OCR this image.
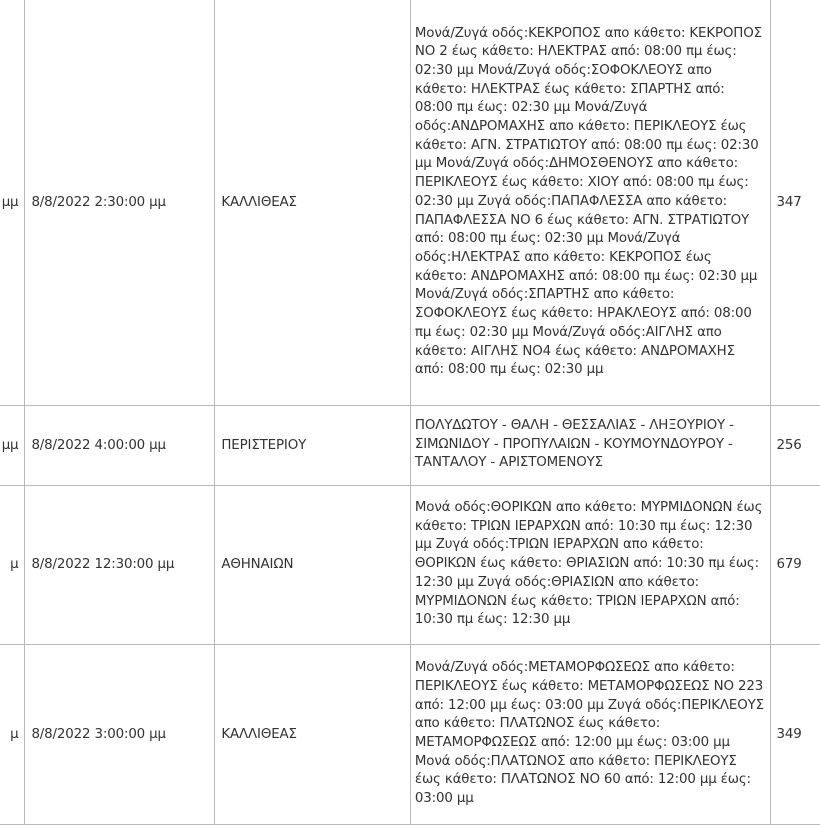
μμ	8/8/2022 2:30:00 μμ	ΚΑΛΛΙΘΕΑΣ	Μονά/Ζυγά οδός:ΚΕΚΡΟΠΟΣ απο κάθετο: ΚΕΚΡΟΠΟΣ ΝΟ 2 έως κάθετο: ΗΛΕΚΤΡΑΣ από: 08:00 πμ έως: 02:30 μμ Μονά/Ζυγά οδός:ΣΟΦΟΚΛΕΟΥΣ απο κάθετο: ΗΛΕΚΤΡΑΣ έως κάθετο: ΣΠΑΡΤΗΣ από: 08:00 πμ έως: 02:30 μμ Μονά/Ζυγά οδός:ΑΝΔΡΟΜΑΧΗΣ απο κάθετο: ΠΕΡΙΚΛΕΟΥΣ έως κάθετο: ΑΓΝ. ΣΤΡΑΤΙΩΤΟΥ από: 08:00 πμ έως: 02:30 μμ Μονά/Ζυγά οδός:ΔΗΜΟΣΘΕΝΟΥΣ απο κάθετο: ΠΕΡΙΚΛΕΟΥΣ έως κάθετο: ΧΙΟΥ από: 08:00 πμ έως: 02:30 μμ Ζυγά οδός:ΠΑΠΑΦΛΕΣΣΑ απο κάθετο: ΠΑΠΑΦΛΕΣΣΑ ΝΟ 6 έως κάθετο: ΑΓΝ. ΣΤΡΑΤΙΩΤΟΥ από: 08:00 πμ έως: 02:30 μμ Μονά/Ζυγά οδός:ΗΛΕΚΤΡΑΣ απο κάθετο: ΚΕΚΡΟΠΟΣ έως κάθετο: ΑΝΔΡΟΜΑΧΗΣ από: 08:00 πμ έως: 02:30 μμ Μονά/Ζυγά οδός:ΣΠΑΡΤΗΣ απο κάθετο: ΣΟΦΟΚΛΕΟΥΣ έως κάθετο: ΗΡΑΚΛΕΟΥΣ από: 08:00 πμ έως: 02:30 μμ Μονά/Ζυγά οδός:ΑΙΓΛΗΣ απο κάθετο: ΑΙΓΛΗΣ ΝΟ4 έως κάθετο: ΑΝΔΡΟΜΑΧΗΣ από: 08:00 πμ έως: 02:30 μμ	347
μμ	8/8/2022 4:00:00 μμ	ΠΕΡΙΣΤΕΡΙΟΥ	ΠΟΛΥΔΩΤΟΥ - ΘΑΛΗ - ΘΕΣΣΑΛΙΑΣ - ΛΗΞΟΥΡΙΟΥ - ΣΙΜΩΝΙΔΟΥ - ΠΡΟΠΥΛΑΙΩΝ - ΚΟΥΜΟΥΝΔΟΥΡΟΥ - ΤΑΝΤΑΛΟΥ - ΑΡΙΣΤΟΜΕΝΟΥΣ	256
μ	8/8/2022 12:30:00 μμ	ΑΘΗΝΑΙΩΝ	Μονά οδός:ΘΟΡΙΚΩΝ απο κάθετο: ΜΥΡΜΙΔΟΝΩΝ έως κάθετο: ΤΡΙΩΝ ΙΕΡΑΡΧΩΝ από: 10:30 πμ έως: 12:30 μμ Ζυγά οδός:ΤΡΙΩΝ ΙΕΡΑΡΧΩΝ απο κάθετο: ΘΟΡΙΚΩΝ έως κάθετο: ΘΡΙΑΣΙΩΝ από: 10:30 πμ έως: 12:30 μμ Ζυγά οδός:ΘΡΙΑΣΙΩΝ απο κάθετο: ΜΥΡΜΙΔΟΝΩΝ έως κάθετο: ΤΡΙΩΝ ΙΕΡΑΡΧΩΝ από: 10:30 πμ έως: 12:30 μμ	679
μ	8/8/2022 3:00:00 μμ	ΚΑΛΛΙΘΕΑΣ	Μονά/Ζυγά οδός:ΜΕΤΑΜΟΡΦΩΣΕΩΣ απο κάθετο: ΠΕΡΙΚΛΕΟΥΣ έως κάθετο: ΜΕΤΑΜΟΡΦΩΣΕΩΣ ΝΟ 223 από: 12:00 μμ έως: 03:00 μμ Ζυγά οδός:ΠΕΡΙΚΛΕΟΥΣ απο κάθετο: ΠΛΑΤΩΝΟΣ έως κάθετο: ΜΕΤΑΜΟΡΦΩΣΕΩΣ από: 12:00 μμ έως: 03:00 μμ Μονά οδός:ΠΛΑΤΩΝΟΣ απο κάθετο: ΠΕΡΙΚΛΕΟΥΣ έως κάθετο: ΠΛΑΤΩΝΟΣ ΝΟ 60 από: 12:00 μμ έως: 03:00 μμ	349
